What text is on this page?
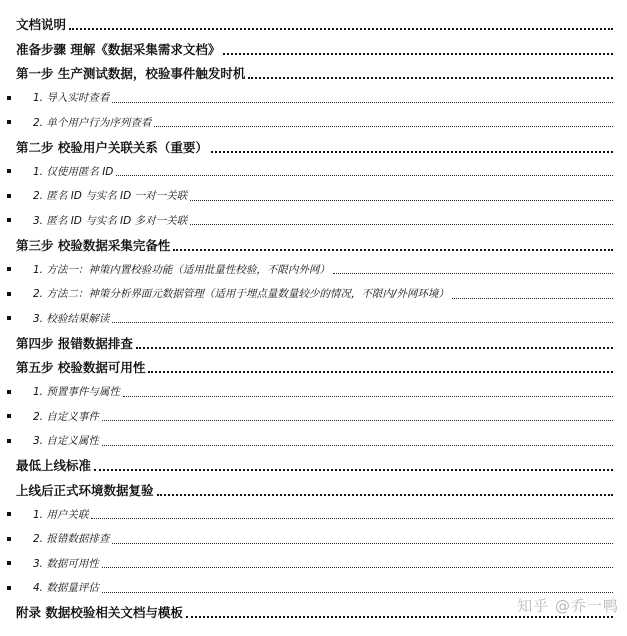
文档说明
准备步骤 理解《数据采集需求文档》
第一步 生产测试数据，校验事件触发时机
1. 导入实时查看
2. 单个用户行为序列查看
第二步 校验用户关联关系（重要）
1. 仅使用匿名 ID
2. 匿名 ID 与实名 ID 一对一关联
3. 匿名 ID 与实名 ID 多对一关联
第三步 校验数据采集完备性
1. 方法一：神策内置校验功能（适用批量性校验，不限内外网）
2. 方法二：神策分析界面元数据管理（适用于埋点量数量较少的情况，不限内/外网环境）
3. 校验结果解读
第四步 报错数据排查
第五步 校验数据可用性
1. 预置事件与属性
2. 自定义事件
3. 自定义属性
最低上线标准
上线后正式环境数据复验
1. 用户关联
2. 报错数据排查
3. 数据可用性
4. 数据量评估
附录 数据校验相关文档与模板	知乎 @乔一鸭
